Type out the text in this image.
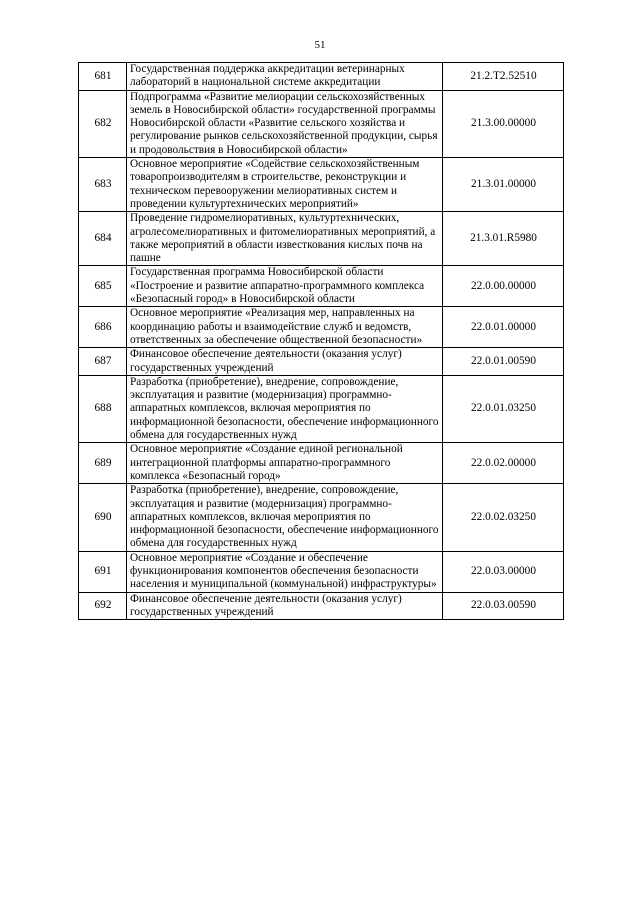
51
681	Государственная поддержка аккредитации ветеринарных лабораторий в национальной системе аккредитации	21.2.Т2.52510
682	Подпрограмма «Развитие мелиорации сельскохозяйственных земель в Новосибирской области» государственной программы Новосибирской области «Развитие сельского хозяйства и регулирование рынков сельскохозяйственной продукции, сырья и продовольствия в Новосибирской области»	21.3.00.00000
683	Основное мероприятие «Содействие сельскохозяйственным товаропроизводителям в строительстве, реконструкции и техническом перевооружении мелиоративных систем и проведении культуртехнических мероприятий»	21.3.01.00000
684	Проведение гидромелиоративных, культуртехнических, агролесомелиоративных и фитомелиоративных мероприятий, а также мероприятий в области известкования кислых почв на пашне	21.3.01.R5980
685	Государственная программа Новосибирской области «Построение и развитие аппаратно-программного комплекса «Безопасный город» в Новосибирской области	22.0.00.00000
686	Основное мероприятие «Реализация мер, направленных на координацию работы и взаимодействие служб и ведомств, ответственных за обеспечение общественной безопасности»	22.0.01.00000
687	Финансовое обеспечение деятельности (оказания услуг) государственных учреждений	22.0.01.00590
688	Разработка (приобретение), внедрение, сопровождение, эксплуатация и развитие (модернизация) программно-аппаратных комплексов, включая мероприятия по информационной безопасности, обеспечение информационного обмена для государственных нужд	22.0.01.03250
689	Основное мероприятие «Создание единой региональной интеграционной платформы аппаратно-программного комплекса «Безопасный город»	22.0.02.00000
690	Разработка (приобретение), внедрение, сопровождение, эксплуатация и развитие (модернизация) программно-аппаратных комплексов, включая мероприятия по информационной безопасности, обеспечение информационного обмена для государственных нужд	22.0.02.03250
691	Основное мероприятие «Создание и обеспечение функционирования компонентов обеспечения безопасности населения и муниципальной (коммунальной) инфраструктуры»	22.0.03.00000
692	Финансовое обеспечение деятельности (оказания услуг) государственных учреждений	22.0.03.00590
